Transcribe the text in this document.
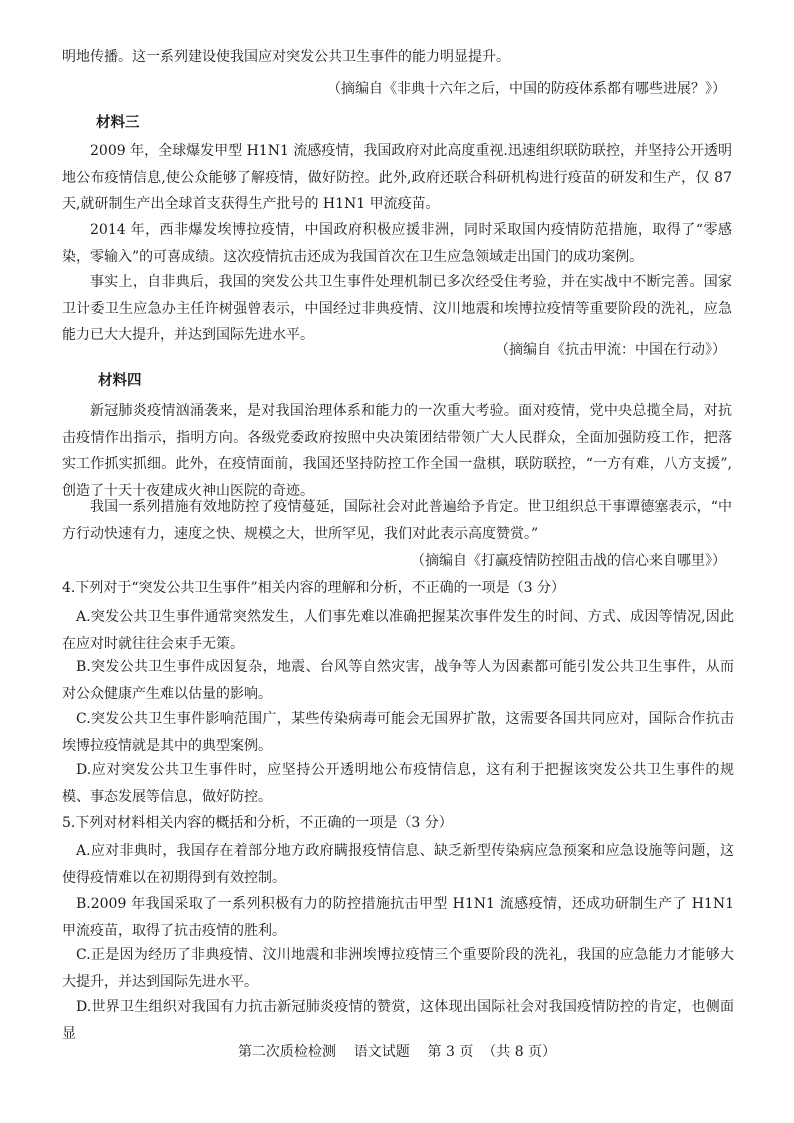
明地传播。这一系列建设使我国应对突发公共卫生事件的能力明显提升。

（摘编自《非典十六年之后，中国的防疫体系都有哪些进展？》）

材料三

2009 年，全球爆发甲型 H1N1 流感疫情，我国政府对此高度重视.迅速组织联防联控，并坚持公开透明地公布疫情信息,使公众能够了解疫情，做好防控。此外,政府还联合科研机构进行疫苗的研发和生产，仅 87 天,就研制生产出全球首支获得生产批号的 H1N1 甲流疫苗。

2014 年，西非爆发埃博拉疫情，中国政府积极应援非洲，同时采取国内疫情防范措施，取得了“零感染，零输入”的可喜成绩。这次疫情抗击还成为我国首次在卫生应急领域走出国门的成功案例。

事实上，自非典后，我国的突发公共卫生事件处理机制已多次经受住考验，并在实战中不断完善。国家卫计委卫生应急办主任许树强曾表示，中国经过非典疫情、汶川地震和埃博拉疫情等重要阶段的洗礼，应急能力已大大提升，并达到国际先进水平。

（摘编自《抗击甲流：中国在行动》）

材料四

新冠肺炎疫情汹涌袭来，是对我国治理体系和能力的一次重大考验。面对疫情，党中央总揽全局，对抗击疫情作出指示，指明方向。各级党委政府按照中央决策团结带领广大人民群众，全面加强防疫工作，把落实工作抓实抓细。此外，在疫情面前，我国还坚持防控工作全国一盘棋，联防联控，“一方有难，八方支援”,创造了十天十夜建成火神山医院的奇迹。

我国一系列措施有效地防控了疫情蔓延，国际社会对此普遍给予肯定。世卫组织总干事谭德塞表示，“中方行动快速有力，速度之快、规模之大，世所罕见，我们对此表示高度赞赏。”

（摘编自《打赢疫情防控阻击战的信心来自哪里》）

4.下列对于“突发公共卫生事件”相关内容的理解和分析，不正确的一项是（3 分）

A.突发公共卫生事件通常突然发生，人们事先难以准确把握某次事件发生的时间、方式、成因等情况,因此在应对时就往往会束手无策。

B.突发公共卫生事件成因复杂，地震、台风等自然灾害，战争等人为因素都可能引发公共卫生事件，从而对公众健康产生难以估量的影响。

C.突发公共卫生事件影响范围广，某些传染病毒可能会无国界扩散，这需要各国共同应对，国际合作抗击埃博拉疫情就是其中的典型案例。

D.应对突发公共卫生事件时，应坚持公开透明地公布疫情信息，这有利于把握该突发公共卫生事件的规模、事态发展等信息，做好防控。

5.下列对材料相关内容的概括和分析，不正确的一项是（3 分）

A.应对非典时，我国存在着部分地方政府瞒报疫情信息、缺乏新型传染病应急预案和应急设施等问题，这使得疫情难以在初期得到有效控制。

B.2009 年我国采取了一系列积极有力的防控措施抗击甲型 H1N1 流感疫情，还成功研制生产了 H1N1 甲流疫苗，取得了抗击疫情的胜利。

C.正是因为经历了非典疫情、汶川地震和非洲埃博拉疫情三个重要阶段的洗礼，我国的应急能力才能够大大提升，并达到国际先进水平。

D.世界卫生组织对我国有力抗击新冠肺炎疫情的赞赏，这体现出国际社会对我国疫情防控的肯定，也侧面显

第二次质检检测    语文试题    第 3 页  （共 8 页）
